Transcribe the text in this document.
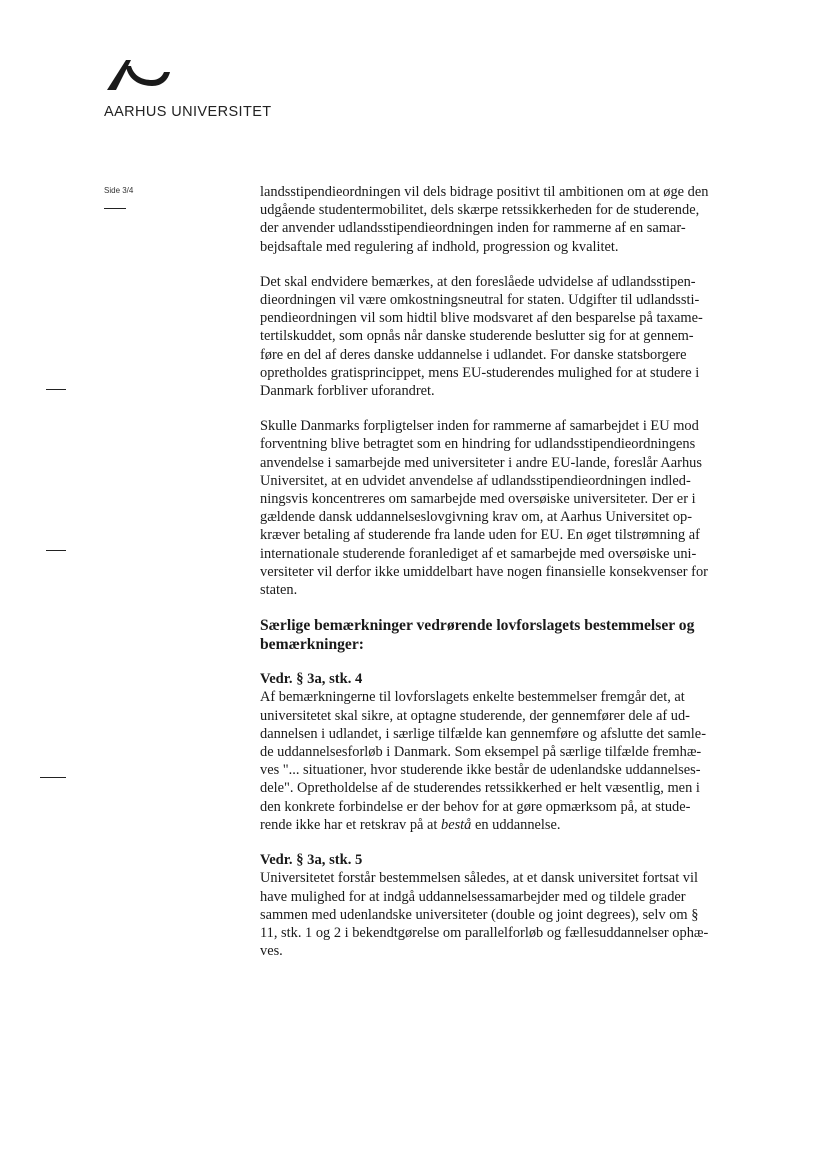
AARHUS UNIVERSITET
Side 3/4	landsstipendieordningen vil dels bidrage positivt til ambitionen om at øge den
udgående studentermobilitet, dels skærpe retssikkerheden for de studerende,
der anvender udlandsstipendieordningen inden for rammerne af en samar-
bejdsaftale med regulering af indhold, progression og kvalitet.

Det skal endvidere bemærkes, at den foreslåede udvidelse af udlandsstipen-
dieordningen vil være omkostningsneutral for staten. Udgifter til udlandssti-
pendieordningen vil som hidtil blive modsvaret af den besparelse på taxame-
tertilskuddet, som opnås når danske studerende beslutter sig for at gennem-
føre en del af deres danske uddannelse i udlandet. For danske statsborgere
opretholdes gratisprincippet, mens EU-studerendes mulighed for at studere i
Danmark forbliver uforandret.

Skulle Danmarks forpligtelser inden for rammerne af samarbejdet i EU mod
forventning blive betragtet som en hindring for udlandsstipendieordningens
anvendelse i samarbejde med universiteter i andre EU-lande, foreslår Aarhus
Universitet, at en udvidet anvendelse af udlandsstipendieordningen indled-
ningsvis koncentreres om samarbejde med oversøiske universiteter. Der er i
gældende dansk uddannelseslovgivning krav om, at Aarhus Universitet op-
kræver betaling af studerende fra lande uden for EU. En øget tilstrømning af
internationale studerende foranlediget af et samarbejde med oversøiske uni-
versiteter vil derfor ikke umiddelbart have nogen finansielle konsekvenser for
staten.

Særlige bemærkninger vedrørende lovforslagets bestemmelser og
bemærkninger:

Vedr. § 3a, stk. 4

Af bemærkningerne til lovforslagets enkelte bestemmelser fremgår det, at
universitetet skal sikre, at optagne studerende, der gennemfører dele af ud-
dannelsen i udlandet, i særlige tilfælde kan gennemføre og afslutte det samle-
de uddannelsesforløb i Danmark. Som eksempel på særlige tilfælde fremhæ-
ves "... situationer, hvor studerende ikke består de udenlandske uddannelses-
dele". Opretholdelse af de studerendes retssikkerhed er helt væsentlig, men i
den konkrete forbindelse er der behov for at gøre opmærksom på, at stude-
rende ikke har et retskrav på at bestå en uddannelse.

Vedr. § 3a, stk. 5

Universitetet forstår bestemmelsen således, at et dansk universitet fortsat vil
have mulighed for at indgå uddannelsessamarbejder med og tildele grader
sammen med udenlandske universiteter (double og joint degrees), selv om §
11, stk. 1 og 2 i bekendtgørelse om parallelforløb og fællesuddannelser ophæ-
ves.
